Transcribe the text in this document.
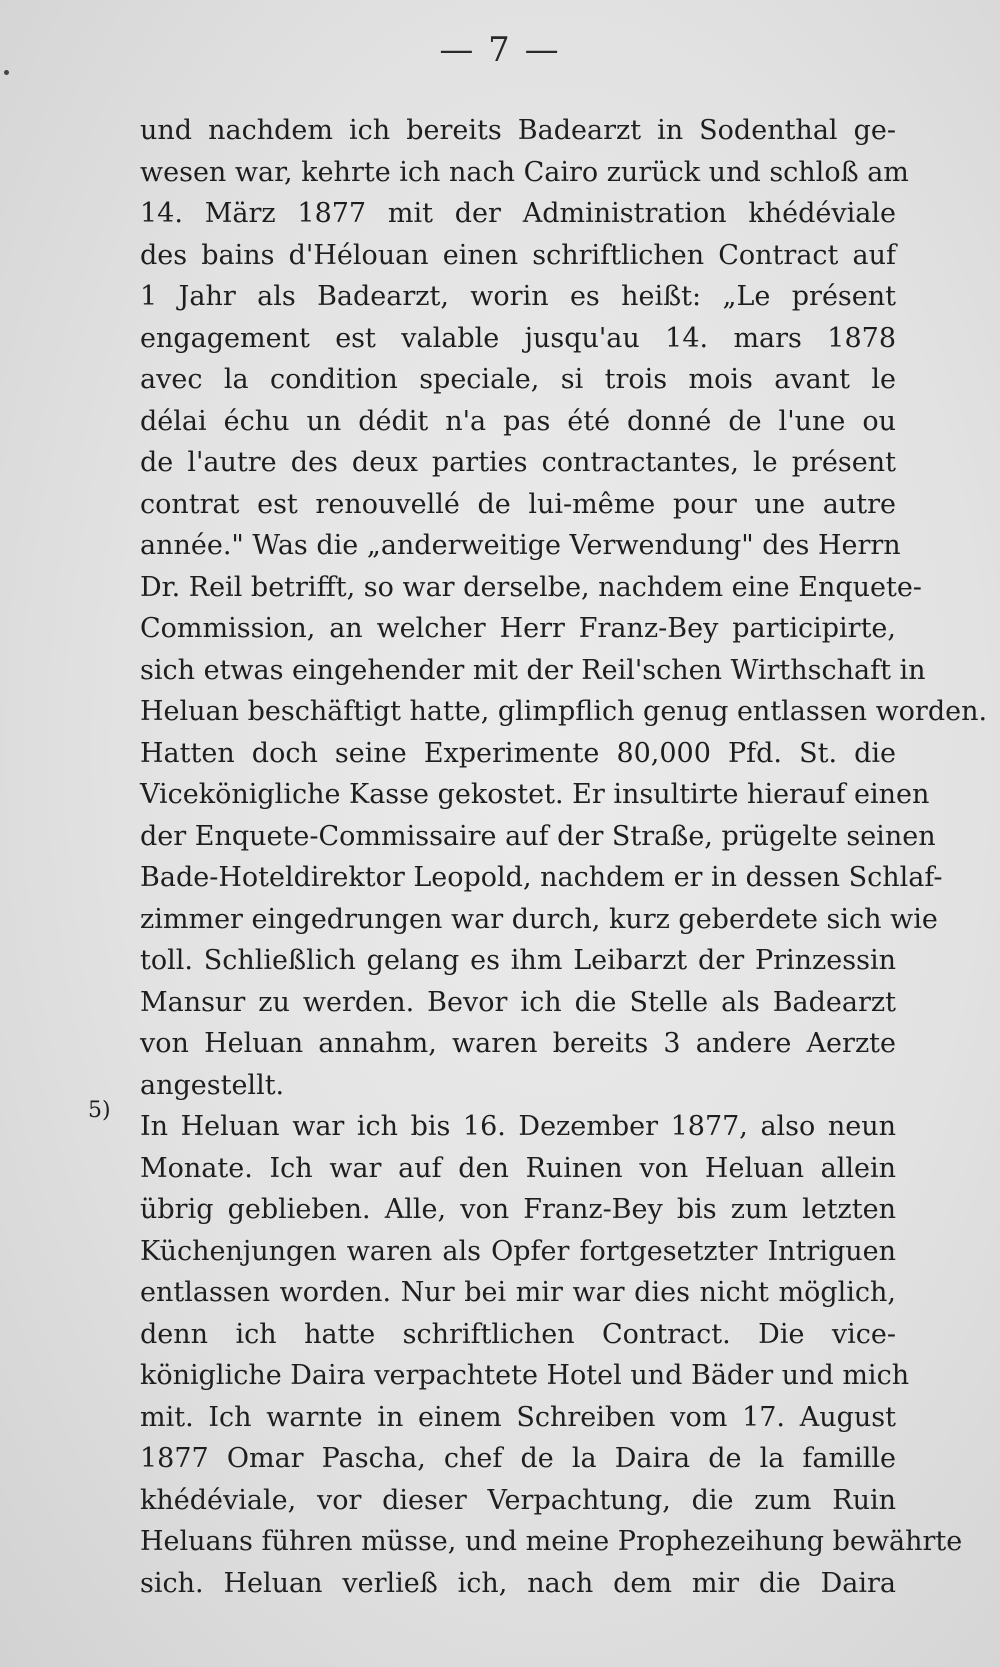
— 7 —
und nachdem ich bereits Badearzt in Sodenthal ge-
wesen war, kehrte ich nach Cairo zurück und schloß am
14. März 1877 mit der Administration khédéviale
des bains d'Hélouan einen schriftlichen Contract auf
1 Jahr als Badearzt, worin es heißt: „Le présent
engagement est valable jusqu'au 14. mars 1878
avec la condition speciale, si trois mois avant le
délai échu un dédit n'a pas été donné de l'une ou
de l'autre des deux parties contractantes, le présent
contrat est renouvellé de lui-même pour une autre
année." Was die „anderweitige Verwendung" des Herrn
Dr. Reil betrifft, so war derselbe, nachdem eine Enquete-
Commission, an welcher Herr Franz-Bey participirte,
sich etwas eingehender mit der Reil'schen Wirthschaft in
Heluan beschäftigt hatte, glimpflich genug entlassen worden.
Hatten doch seine Experimente 80,000 Pfd. St. die
Vicekönigliche Kasse gekostet. Er insultirte hierauf einen
der Enquete-Commissaire auf der Straße, prügelte seinen
Bade-Hoteldirektor Leopold, nachdem er in dessen Schlaf-
zimmer eingedrungen war durch, kurz geberdete sich wie
toll. Schließlich gelang es ihm Leibarzt der Prinzessin
Mansur zu werden. Bevor ich die Stelle als Badearzt
von Heluan annahm, waren bereits 3 andere Aerzte
angestellt.
5)
In Heluan war ich bis 16. Dezember 1877, also neun
Monate. Ich war auf den Ruinen von Heluan allein
übrig geblieben. Alle, von Franz-Bey bis zum letzten
Küchenjungen waren als Opfer fortgesetzter Intriguen
entlassen worden. Nur bei mir war dies nicht möglich,
denn ich hatte schriftlichen Contract. Die vice-
königliche Daira verpachtete Hotel und Bäder und mich
mit. Ich warnte in einem Schreiben vom 17. August
1877 Omar Pascha, chef de la Daira de la famille
khédéviale, vor dieser Verpachtung, die zum Ruin
Heluans führen müsse, und meine Prophezeihung bewährte
sich. Heluan verließ ich, nach dem mir die Daira
